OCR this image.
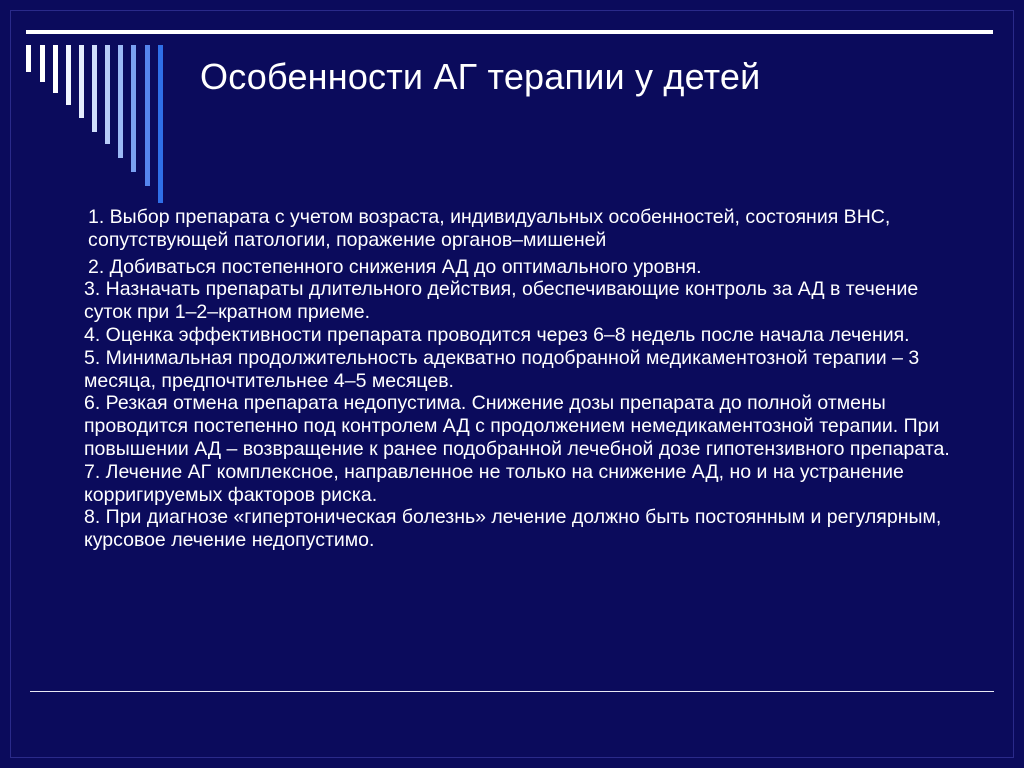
Особенности АГ терапии у детей

1. Выбор препарата с учетом возраста, индивидуальных особенностей, состояния ВНС, сопутствующей патологии, поражение органов–мишеней

2. Добиваться постепенного снижения АД до оптимального уровня.

3. Назначать препараты длительного действия, обеспечивающие контроль за АД в течение суток при 1–2–кратном приеме.

4. Оценка эффективности препарата проводится через 6–8 недель после начала лечения.

5. Минимальная продолжительность адекватно подобранной медикаментозной терапии – 3 месяца, предпочтительнее 4–5 месяцев.

6. Резкая отмена препарата недопустима. Снижение дозы препарата до полной отмены проводится постепенно под контролем АД с продолжением немедикаментозной терапии. При повышении АД – возвращение к ранее подобранной лечебной дозе гипотензивного препарата.

7. Лечение АГ комплексное, направленное не только на снижение АД, но и на устранение корригируемых факторов риска.

8. При диагнозе «гипертоническая болезнь» лечение должно быть постоянным и регулярным, курсовое лечение недопустимо.
